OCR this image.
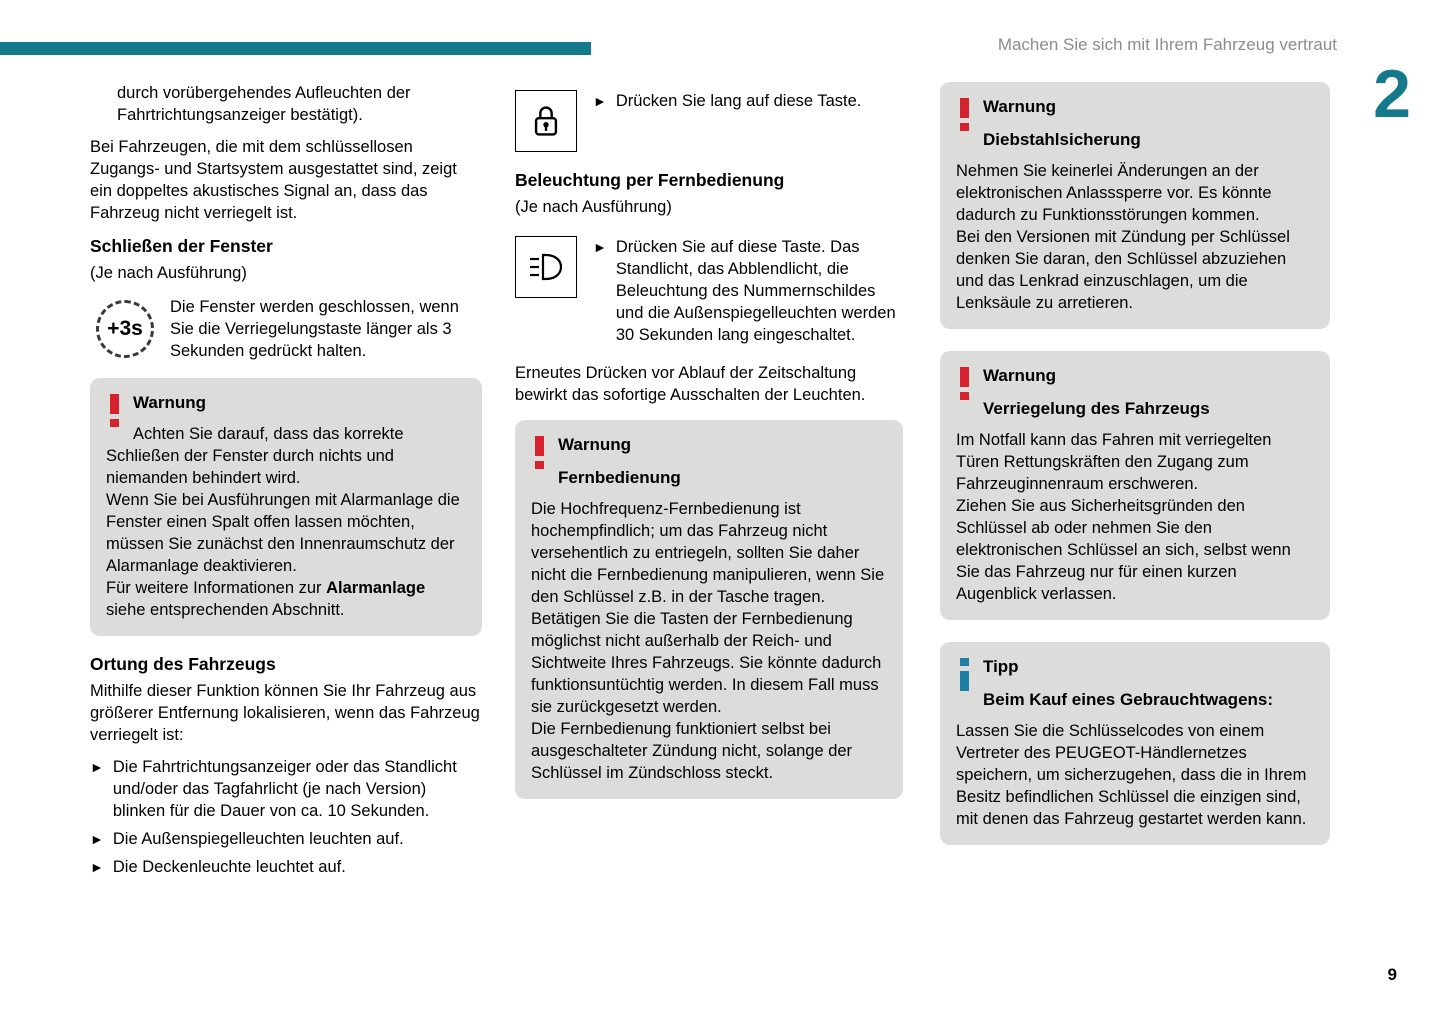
Machen Sie sich mit Ihrem Fahrzeug vertraut
2
9

durch vorübergehendes Aufleuchten der Fahrtrichtungsanzeiger bestätigt).

Bei Fahrzeugen, die mit dem schlüssellosen Zugangs- und Startsystem ausgestattet sind, zeigt ein doppeltes akustisches Signal an, dass das Fahrzeug nicht verriegelt ist.

Schließen der Fenster

(Je nach Ausführung)

+3s
Die Fenster werden geschlossen, wenn Sie die Verriegelungstaste länger als 3 Sekunden gedrückt halten.
Warnung

Achten Sie darauf, dass das korrekte Schließen der Fenster durch nichts und niemanden behindert wird.

Wenn Sie bei Ausführungen mit Alarmanlage die Fenster einen Spalt offen lassen möchten, müssen Sie zunächst den Innenraumschutz der Alarmanlage deaktivieren.

Für weitere Informationen zur Alarmanlage siehe entsprechenden Abschnitt.

Ortung des Fahrzeugs

Mithilfe dieser Funktion können Sie Ihr Fahrzeug aus größerer Entfernung lokalisieren, wenn das Fahrzeug verriegelt ist:

► Die Fahrtrichtungsanzeiger oder das Standlicht und/oder das Tagfahrlicht (je nach Version) blinken für die Dauer von ca. 10 Sekunden.
► Die Außenspiegelleuchten leuchten auf.
► Die Deckenleuchte leuchtet auf.
► Drücken Sie lang auf diese Taste.
Beleuchtung per Fernbedienung

(Je nach Ausführung)

► Drücken Sie auf diese Taste. Das Standlicht, das Abblendlicht, die Beleuchtung des Nummernschildes und die Außenspiegelleuchten werden 30 Sekunden lang eingeschaltet.

Erneutes Drücken vor Ablauf der Zeitschaltung bewirkt das sofortige Ausschalten der Leuchten.

Warnung
Fernbedienung

Die Hochfrequenz-Fernbedienung ist hochempfindlich; um das Fahrzeug nicht versehentlich zu entriegeln, sollten Sie daher nicht die Fernbedienung manipulieren, wenn Sie den Schlüssel z.B. in der Tasche tragen.

Betätigen Sie die Tasten der Fernbedienung möglichst nicht außerhalb der Reich- und Sichtweite Ihres Fahrzeugs. Sie könnte dadurch funktionsuntüchtig werden. In diesem Fall muss sie zurückgesetzt werden.

Die Fernbedienung funktioniert selbst bei ausgeschalteter Zündung nicht, solange der Schlüssel im Zündschloss steckt.

Warnung
Diebstahlsicherung

Nehmen Sie keinerlei Änderungen an der elektronischen Anlasssperre vor. Es könnte dadurch zu Funktionsstörungen kommen.

Bei den Versionen mit Zündung per Schlüssel denken Sie daran, den Schlüssel abzuziehen und das Lenkrad einzuschlagen, um die Lenksäule zu arretieren.

Warnung
Verriegelung des Fahrzeugs

Im Notfall kann das Fahren mit verriegelten Türen Rettungskräften den Zugang zum Fahrzeuginnenraum erschweren.

Ziehen Sie aus Sicherheitsgründen den Schlüssel ab oder nehmen Sie den elektronischen Schlüssel an sich, selbst wenn Sie das Fahrzeug nur für einen kurzen Augenblick verlassen.

Tipp
Beim Kauf eines Gebrauchtwagens:

Lassen Sie die Schlüsselcodes von einem Vertreter des PEUGEOT-Händlernetzes speichern, um sicherzugehen, dass die in Ihrem Besitz befindlichen Schlüssel die einzigen sind, mit denen das Fahrzeug gestartet werden kann.
